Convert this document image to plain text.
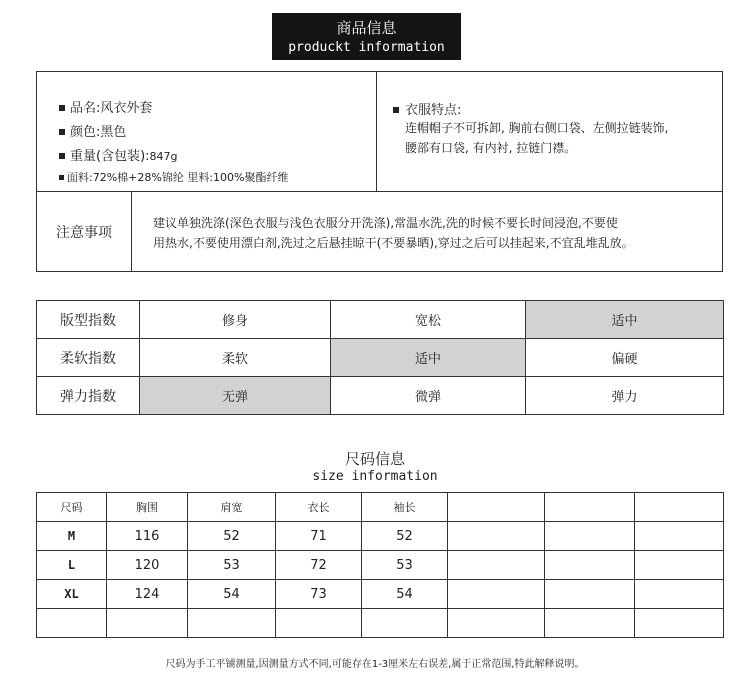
商品信息
produckt information
品名:风衣外套
颜色:黑色
重量(含包装):847g
面料:72%棉+28%锦纶 里料:100%聚酯纤维
衣服特点:
连帽帽子不可拆卸, 胸前右侧口袋、左侧拉链装饰,
腰部有口袋, 有内衬, 拉链门襟。
注意事项
建议单独洗涤(深色衣服与浅色衣服分开洗涤),常温水洗,洗的时候不要长时间浸泡,不要使
用热水,不要使用漂白剂,洗过之后悬挂晾干(不要暴晒),穿过之后可以挂起来,不宜乱堆乱放。
版型指数	修身	宽松	适中
柔软指数	柔软	适中	偏硬
弹力指数	无弹	微弹	弹力
尺码信息
size information
尺码	胸围	肩宽	衣长	袖长			
M	116	52	71	52			
L	120	53	72	53			
XL	124	54	73	54			

尺码为手工平铺测量,因测量方式不同,可能存在1-3厘米左右误差,属于正常范围,特此解释说明。
